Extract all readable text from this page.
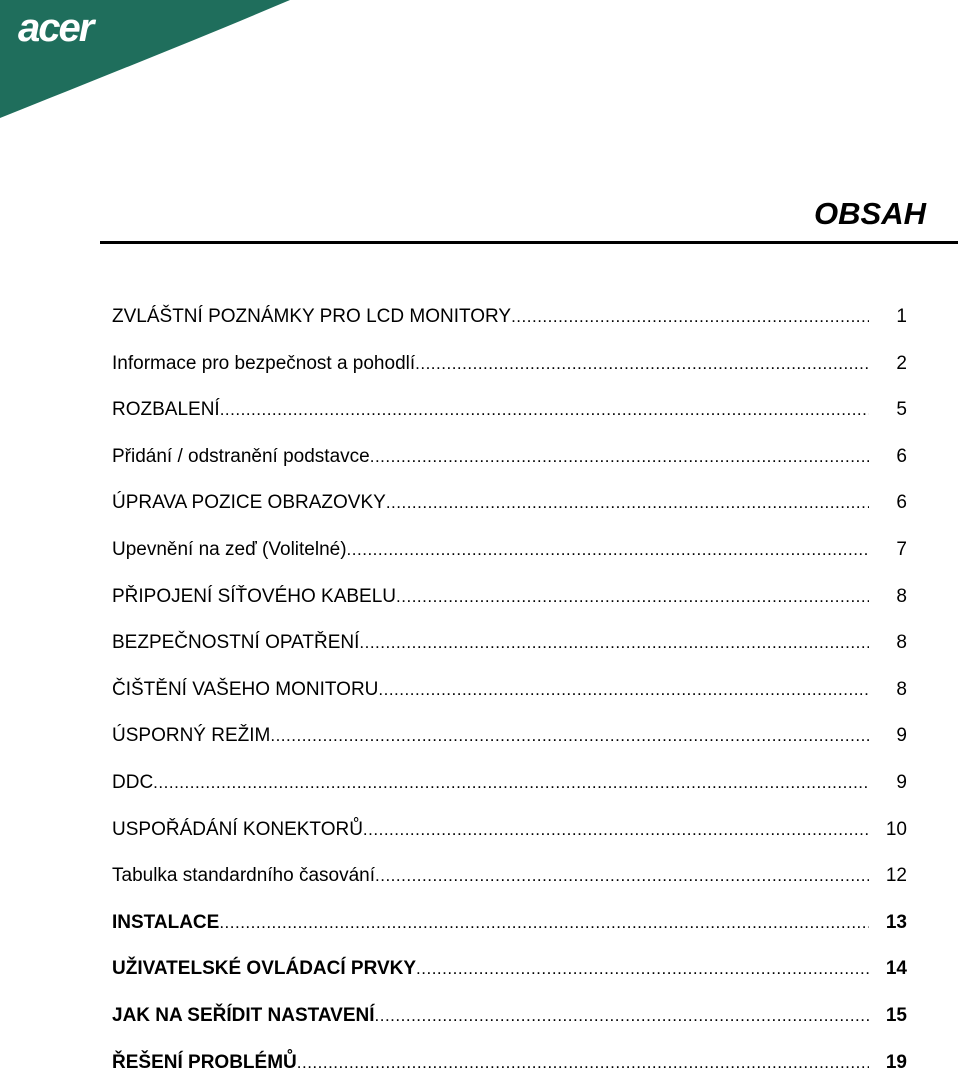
acer
OBSAH
ZVLÁŠTNÍ POZNÁMKY PRO LCD MONITORY .....	1
Informace pro bezpečnost a pohodlí .....	2
ROZBALENÍ .....	5
Přidání / odstranění podstavce .....	6
ÚPRAVA POZICE OBRAZOVKY .....	6
Upevnění na zeď (Volitelné) .....	7
PŘIPOJENÍ SÍŤOVÉHO KABELU .....	8
BEZPEČNOSTNÍ OPATŘENÍ .....	8
ČIŠTĚNÍ VAŠEHO MONITORU .....	8
ÚSPORNÝ REŽIM .....	9
DDC .....	9
USPOŘÁDÁNÍ KONEKTORŮ .....	10
Tabulka standardního časování .....	12
INSTALACE .....	13
UŽIVATELSKÉ OVLÁDACÍ PRVKY .....	14
JAK NA SEŘÍDIT NASTAVENÍ .....	15
ŘEŠENÍ PROBLÉMŮ .....	19
